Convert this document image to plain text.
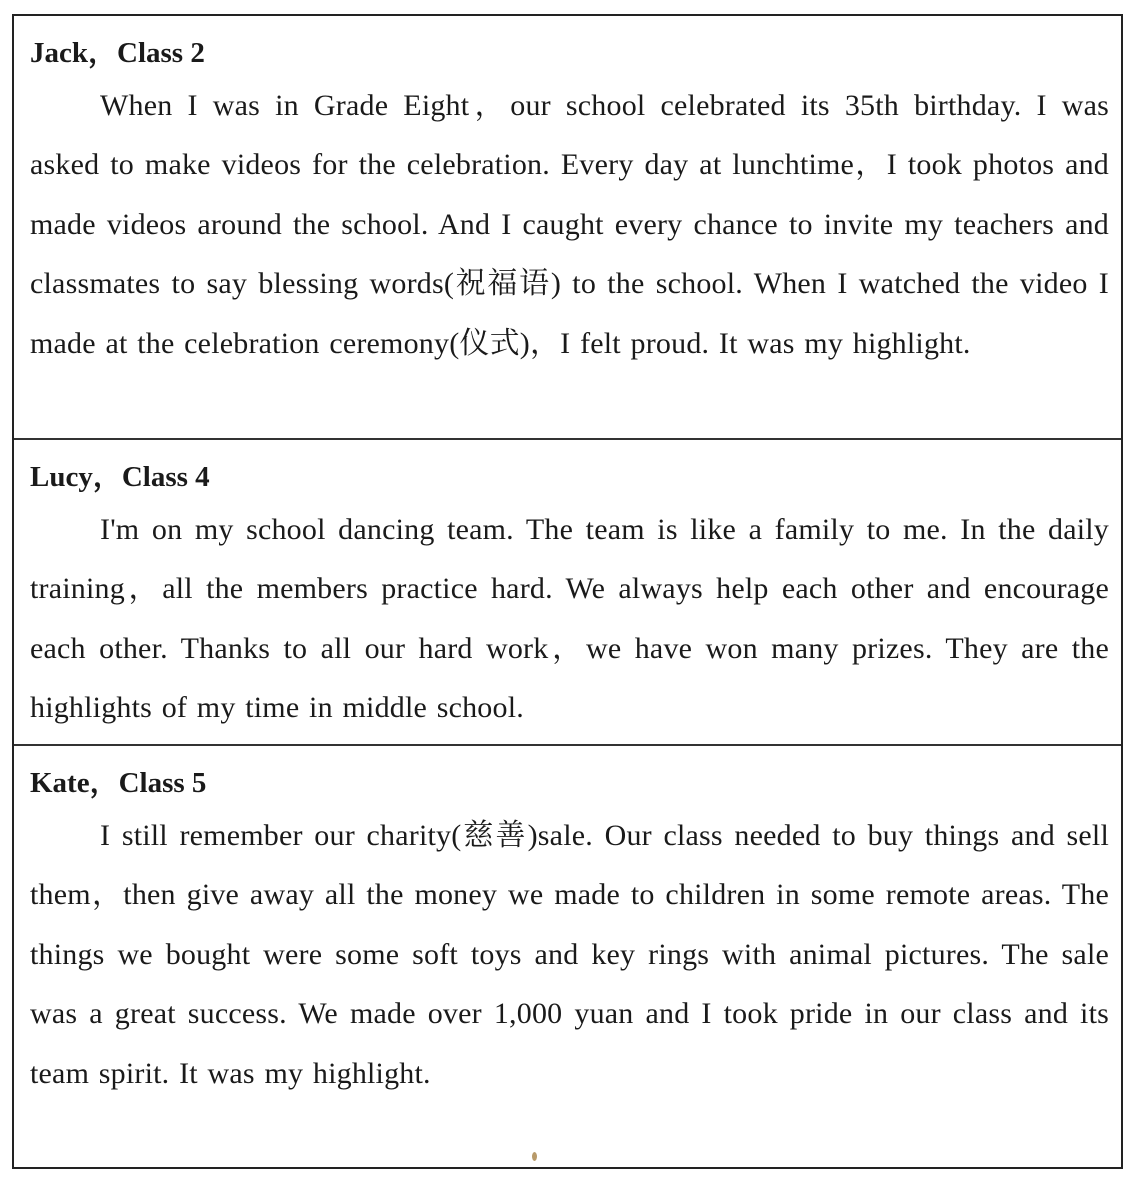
Jack，Class 2

When I was in Grade Eight，our school celebrated its 35th birthday. I was asked to make videos for the celebration. Every day at lunchtime，I took photos and made videos around the school. And I caught every chance to invite my teachers and classmates to say blessing words(祝福语) to the school. When I watched the video I made at the celebration ceremony(仪式)，I felt proud. It was my highlight.

Lucy，Class 4

I'm on my school dancing team. The team is like a family to me. In the daily training，all the members practice hard. We always help each other and encourage each other. Thanks to all our hard work，we have won many prizes. They are the highlights of my time in middle school.

Kate，Class 5

I still remember our charity(慈善)sale. Our class needed to buy things and sell them，then give away all the money we made to children in some remote areas. The things we bought were some soft toys and key rings with animal pictures. The sale was a great success. We made over 1,000 yuan and I took pride in our class and its team spirit. It was my highlight.
